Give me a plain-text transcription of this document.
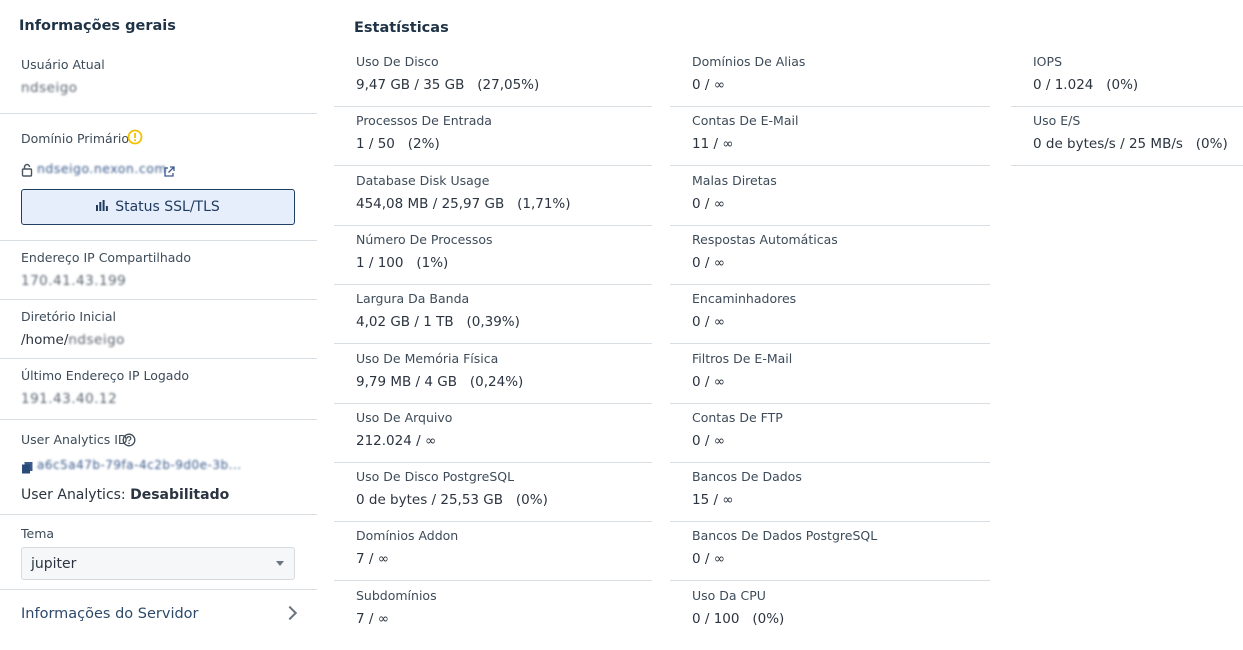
Informações gerais
Usuário Atual
ndseigo
Domínio Primário
ndseigo.nexon.com
Status SSL/TLS
Endereço IP Compartilhado
170.41.43.199
Diretório Inicial
/home/ndseigo
Último Endereço IP Logado
191.43.40.12
User Analytics ID
a6c5a47b-79fa-4c2b-9d0e-3b...
User Analytics: Desabilitado
Tema
jupiter
Informações do Servidor
Estatísticas
Uso De Disco
9,47 GB / 35 GB   (27,05%)
Processos De Entrada
1 / 50   (2%)
Database Disk Usage
454,08 MB / 25,97 GB   (1,71%)
Número De Processos
1 / 100   (1%)
Largura Da Banda
4,02 GB / 1 TB   (0,39%)
Uso De Memória Física
9,79 MB / 4 GB   (0,24%)
Uso De Arquivo
212.024 / ∞
Uso De Disco PostgreSQL
0 de bytes / 25,53 GB   (0%)
Domínios Addon
7 / ∞
Subdomínios
7 / ∞
Domínios De Alias
0 / ∞
Contas De E-Mail
11 / ∞
Malas Diretas
0 / ∞
Respostas Automáticas
0 / ∞
Encaminhadores
0 / ∞
Filtros De E-Mail
0 / ∞
Contas De FTP
0 / ∞
Bancos De Dados
15 / ∞
Bancos De Dados PostgreSQL
0 / ∞
Uso Da CPU
0 / 100   (0%)
IOPS
0 / 1.024   (0%)
Uso E/S
0 de bytes/s / 25 MB/s   (0%)
